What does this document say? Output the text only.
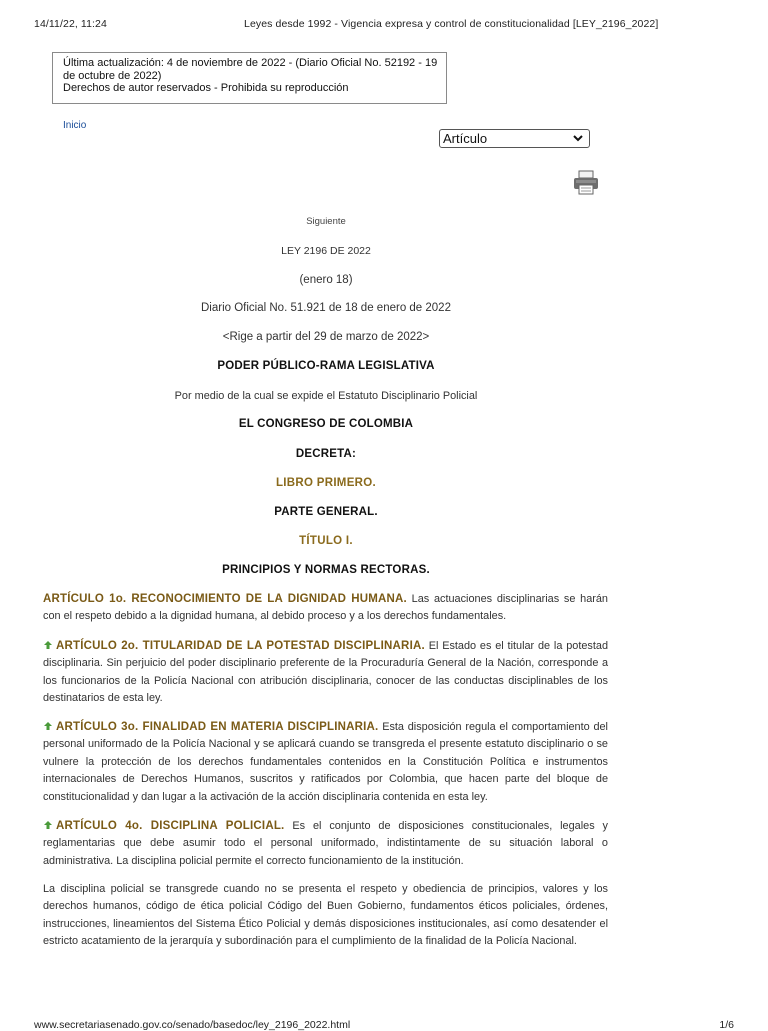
14/11/22, 11:24	Leyes desde 1992 - Vigencia expresa y control de constitucionalidad [LEY_2196_2022]
Última actualización: 4 de noviembre de 2022 - (Diario Oficial No. 52192 - 19
de octubre de 2022)
Derechos de autor reservados - Prohibida su reproducción
Inicio
Artículo
Siguiente
LEY 2196 DE 2022
(enero 18)
Diario Oficial No. 51.921 de 18 de enero de 2022
<Rige a partir del 29 de marzo de 2022>
PODER PÚBLICO-RAMA LEGISLATIVA
Por medio de la cual se expide el Estatuto Disciplinario Policial
EL CONGRESO DE COLOMBIA
DECRETA:
LIBRO PRIMERO.
PARTE GENERAL.
TÍTULO I.
PRINCIPIOS Y NORMAS RECTORAS.
ARTÍCULO 1o. RECONOCIMIENTO DE LA DIGNIDAD HUMANA. Las actuaciones disciplinarias se harán con el respeto debido a la dignidad humana, al debido proceso y a los derechos fundamentales.
ARTÍCULO 2o. TITULARIDAD DE LA POTESTAD DISCIPLINARIA. El Estado es el titular de la potestad disciplinaria. Sin perjuicio del poder disciplinario preferente de la Procuraduría General de la Nación, corresponde a los funcionarios de la Policía Nacional con atribución disciplinaria, conocer de las conductas disciplinables de los destinatarios de esta ley.
ARTÍCULO 3o. FINALIDAD EN MATERIA DISCIPLINARIA. Esta disposición regula el comportamiento del personal uniformado de la Policía Nacional y se aplicará cuando se transgreda el presente estatuto disciplinario o se vulnere la protección de los derechos fundamentales contenidos en la Constitución Política e instrumentos internacionales de Derechos Humanos, suscritos y ratificados por Colombia, que hacen parte del bloque de constitucionalidad y dan lugar a la activación de la acción disciplinaria contenida en esta ley.
ARTÍCULO 4o. DISCIPLINA POLICIAL. Es el conjunto de disposiciones constitucionales, legales y reglamentarias que debe asumir todo el personal uniformado, indistintamente de su situación laboral o administrativa. La disciplina policial permite el correcto funcionamiento de la institución.
La disciplina policial se transgrede cuando no se presenta el respeto y obediencia de principios, valores y los derechos humanos, código de ética policial Código del Buen Gobierno, fundamentos éticos policiales, órdenes, instrucciones, lineamientos del Sistema Ético Policial y demás disposiciones institucionales, así como desatender el estricto acatamiento de la jerarquía y subordinación para el cumplimiento de la finalidad de la Policía Nacional.
www.secretariasenado.gov.co/senado/basedoc/ley_2196_2022.html	1/6
